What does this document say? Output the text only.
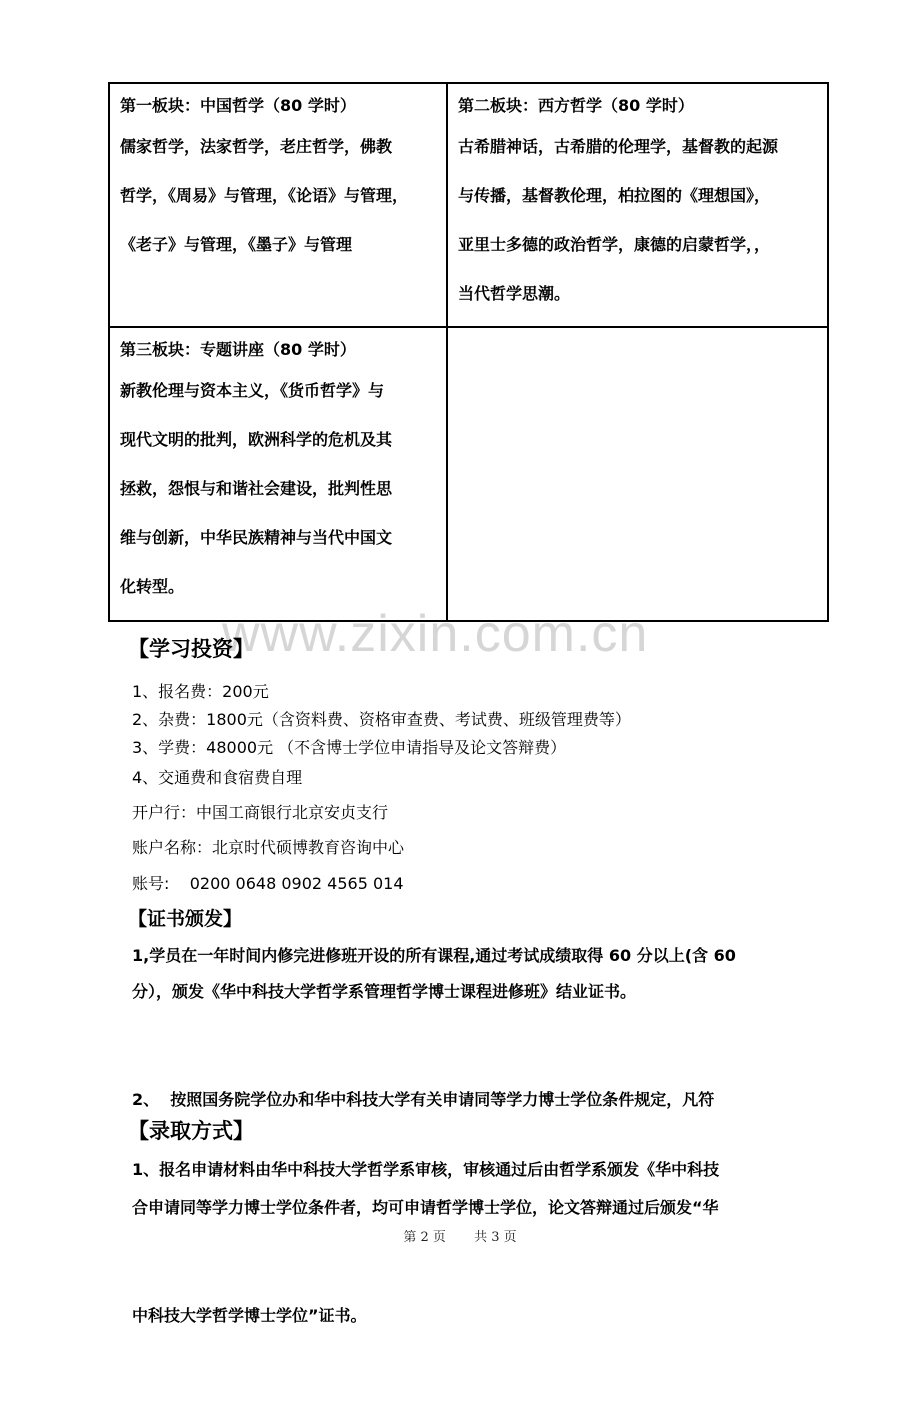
第一板块：中国哲学（80 学时）
儒家哲学，法家哲学，老庄哲学，佛教
哲学，《周易》与管理，《论语》与管理，
《老子》与管理，《墨子》与管理
第二板块：西方哲学（80 学时）
古希腊神话，古希腊的伦理学，基督教的起源
与传播，基督教伦理，柏拉图的《理想国》，
亚里士多德的政治哲学，康德的启蒙哲学，，
当代哲学思潮。
第三板块：专题讲座（80 学时）
新教伦理与资本主义，《货币哲学》与
现代文明的批判，欧洲科学的危机及其
拯救，怨恨与和谐社会建设，批判性思
维与创新，中华民族精神与当代中国文
化转型。
www.zixin.com.cn
【学习投资】
1、报名费：200元
2、杂费：1800元（含资料费、资格审查费、考试费、班级管理费等）
3、学费：48000元 （不含博士学位申请指导及论文答辩费）
4、交通费和食宿费自理
开户行：中国工商银行北京安贞支行
账户名称：北京时代硕博教育咨询中心
账号:    0200 0648 0902 4565 014
【证书颁发】
1,学员在一年时间内修完进修班开设的所有课程,通过考试成绩取得 60 分以上(含 60
分），颁发《华中科技大学哲学系管理哲学博士课程进修班》结业证书。

2、  按照国务院学位办和华中科技大学有关申请同等学力博士学位条件规定，凡符

合申请同等学力博士学位条件者，均可申请哲学博士学位，论文答辩通过后颁发“华

中科技大学哲学博士学位”证书。

【录取方式】
1、报名申请材料由华中科技大学哲学系审核，审核通过后由哲学系颁发《华中科技
第 2 页 共 3 页
